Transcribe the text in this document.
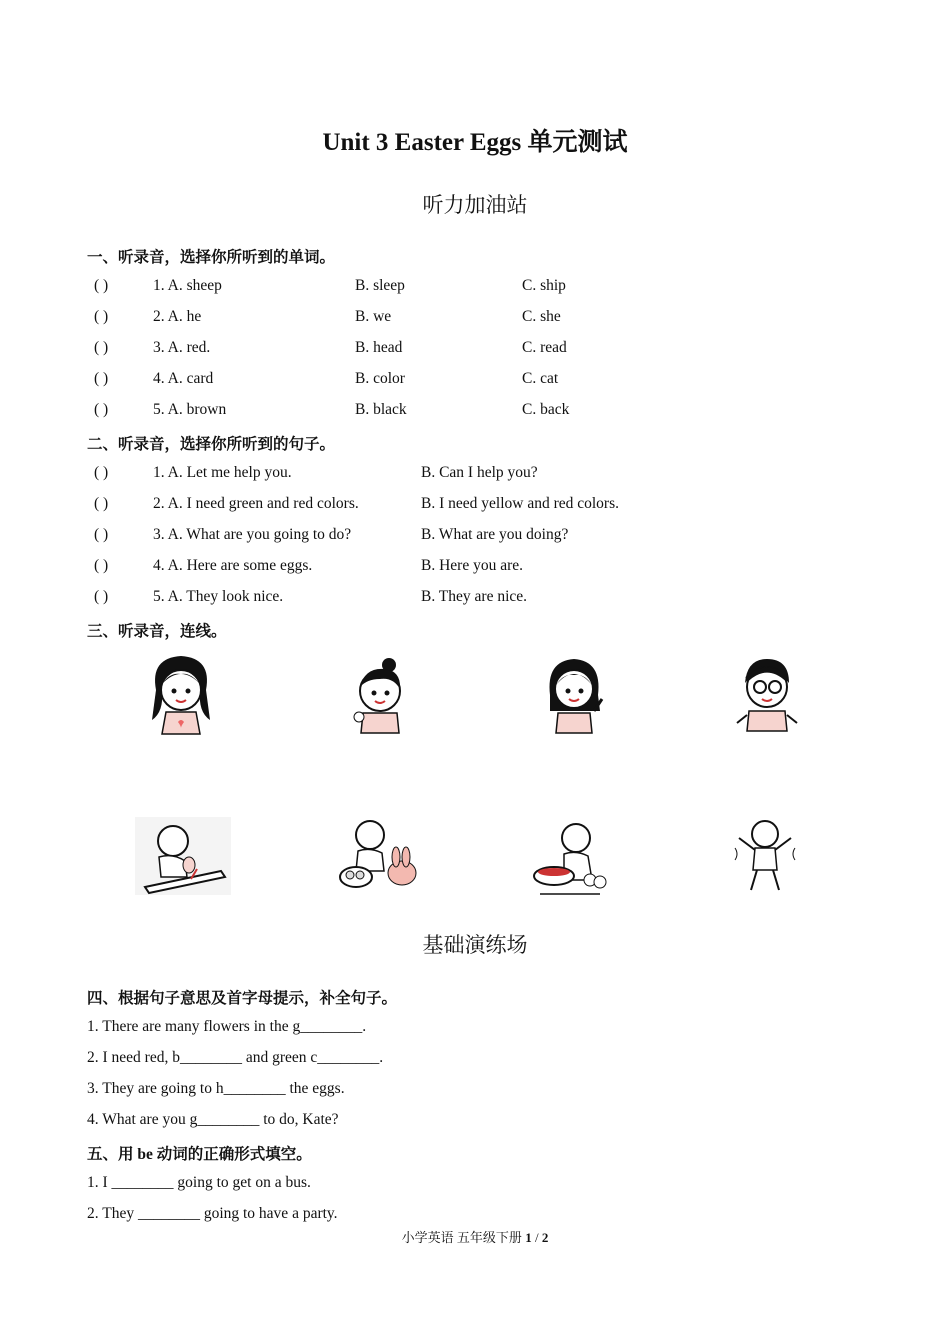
Unit 3 Easter Eggs 单元测试
听力加油站
一、听录音，选择你所听到的单词。
( )	1. A. sheep	B. sleep	C. ship
( )	2. A. he	B. we	C. she
( )	3. A. red.	B. head	C. read
( )	4. A. card	B. color	C. cat
( )	5. A. brown	B. black	C. back
二、听录音，选择你所听到的句子。
( )	1. A. Let me help you.	B. Can I help you?
( )	2. A. I need green and red colors.	B. I need yellow and red colors.
( )	3. A. What are you going to do?	B. What are you doing?
( )	4. A. Here are some eggs.	B. Here you are.
( )	5. A. They look nice.	B. They are nice.
三、听录音，连线。
基础演练场
四、根据句子意思及首字母提示，补全句子。
1. There are many flowers in the g________.
2. I need red, b________ and green c________.
3. They are going to h________ the eggs.
4. What are you g________ to do, Kate?
五、用 be 动词的正确形式填空。
1. I ________ going to get on a bus.
2. They ________ going to have a party.
小学英语 五年级下册 1 / 2
